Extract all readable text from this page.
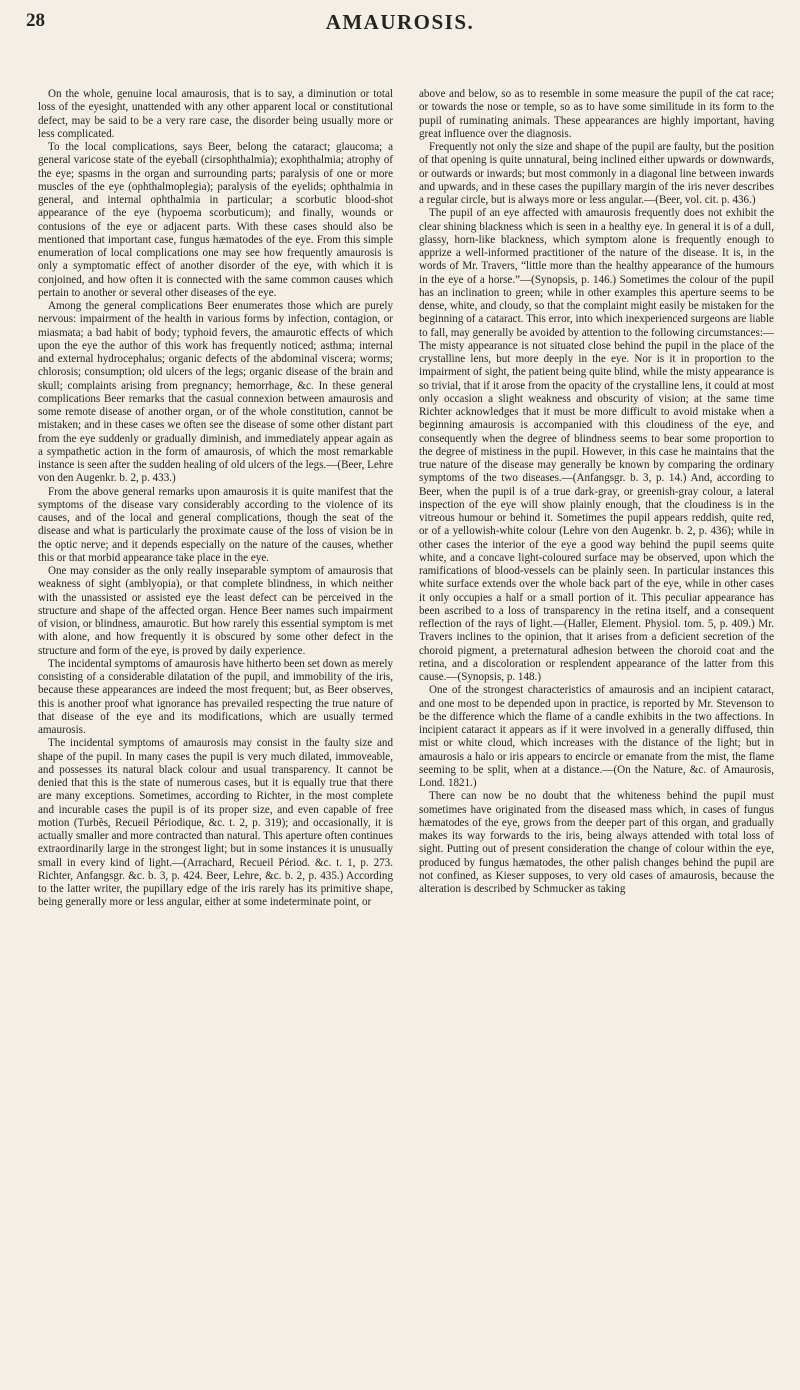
28	AMAUROSIS.

On the whole, genuine local amaurosis, that is to say, a diminution or total loss of the eyesight, unattended with any other apparent local or constitutional defect, may be said to be a very rare case, the disorder being usually more or less complicated.

To the local complications, says Beer, belong the cataract; glaucoma; a general varicose state of the eyeball (cirsophthalmia); exophthalmia; atrophy of the eye; spasms in the organ and surrounding parts; paralysis of one or more muscles of the eye (ophthalmoplegia); paralysis of the eyelids; ophthalmia in general, and internal ophthalmia in particular; a scorbutic blood-shot appearance of the eye (hypoema scorbuticum); and finally, wounds or contusions of the eye or adjacent parts. With these cases should also be mentioned that important case, fungus hæmatodes of the eye. From this simple enumeration of local complications one may see how frequently amaurosis is only a symptomatic effect of another disorder of the eye, with which it is conjoined, and how often it is connected with the same common causes which pertain to another or several other diseases of the eye.

Among the general complications Beer enumerates those which are purely nervous: impairment of the health in various forms by infection, contagion, or miasmata; a bad habit of body; typhoid fevers, the amaurotic effects of which upon the eye the author of this work has frequently noticed; asthma; internal and external hydrocephalus; organic defects of the abdominal viscera; worms; chlorosis; consumption; old ulcers of the legs; organic disease of the brain and skull; complaints arising from pregnancy; hemorrhage, &c. In these general complications Beer remarks that the casual connexion between amaurosis and some remote disease of another organ, or of the whole constitution, cannot be mistaken; and in these cases we often see the disease of some other distant part from the eye suddenly or gradually diminish, and immediately appear again as a sympathetic action in the form of amaurosis, of which the most remarkable instance is seen after the sudden healing of old ulcers of the legs.—(Beer, Lehre von den Augenkr. b. 2, p. 433.)

From the above general remarks upon amaurosis it is quite manifest that the symptoms of the disease vary considerably according to the violence of its causes, and of the local and general complications, though the seat of the disease and what is particularly the proximate cause of the loss of vision be in the optic nerve; and it depends especially on the nature of the causes, whether this or that morbid appearance take place in the eye.

One may consider as the only really inseparable symptom of amaurosis that weakness of sight (amblyopia), or that complete blindness, in which neither with the unassisted or assisted eye the least defect can be perceived in the structure and shape of the affected organ. Hence Beer names such impairment of vision, or blindness, amaurotic. But how rarely this essential symptom is met with alone, and how frequently it is obscured by some other defect in the structure and form of the eye, is proved by daily experience.

The incidental symptoms of amaurosis have hitherto been set down as merely consisting of a considerable dilatation of the pupil, and immobility of the iris, because these appearances are indeed the most frequent; but, as Beer observes, this is another proof what ignorance has prevailed respecting the true nature of that disease of the eye and its modifications, which are usually termed amaurosis.

The incidental symptoms of amaurosis may consist in the faulty size and shape of the pupil. In many cases the pupil is very much dilated, immoveable, and possesses its natural black colour and usual transparency. It cannot be denied that this is the state of numerous cases, but it is equally true that there are many exceptions. Sometimes, according to Richter, in the most complete and incurable cases the pupil is of its proper size, and even capable of free motion (Turbès, Recueil Périodique, &c. t. 2, p. 319); and occasionally, it is actually smaller and more contracted than natural. This aperture often continues extraordinarily large in the strongest light; but in some instances it is unusually small in every kind of light.—(Arrachard, Recueil Périod. &c. t. 1, p. 273. Richter, Anfangsgr. &c. b. 3, p. 424. Beer, Lehre, &c. b. 2, p. 435.) According to the latter writer, the pupillary edge of the iris rarely has its primitive shape, being generally more or less angular, either at some indeterminate point, or

above and below, so as to resemble in some measure the pupil of the cat race; or towards the nose or temple, so as to have some similitude in its form to the pupil of ruminating animals. These appearances are highly important, having great influence over the diagnosis.

Frequently not only the size and shape of the pupil are faulty, but the position of that opening is quite unnatural, being inclined either upwards or downwards, or outwards or inwards; but most commonly in a diagonal line between inwards and upwards, and in these cases the pupillary margin of the iris never describes a regular circle, but is always more or less angular.—(Beer, vol. cit. p. 436.)

The pupil of an eye affected with amaurosis frequently does not exhibit the clear shining blackness which is seen in a healthy eye. In general it is of a dull, glassy, horn-like blackness, which symptom alone is frequently enough to apprize a well-informed practitioner of the nature of the disease. It is, in the words of Mr. Travers, “little more than the healthy appearance of the humours in the eye of a horse.”—(Synopsis, p. 146.) Sometimes the colour of the pupil has an inclination to green; while in other examples this aperture seems to be dense, white, and cloudy, so that the complaint might easily be mistaken for the beginning of a cataract. This error, into which inexperienced surgeons are liable to fall, may generally be avoided by attention to the following circumstances:— The misty appearance is not situated close behind the pupil in the place of the crystalline lens, but more deeply in the eye. Nor is it in proportion to the impairment of sight, the patient being quite blind, while the misty appearance is so trivial, that if it arose from the opacity of the crystalline lens, it could at most only occasion a slight weakness and obscurity of vision; at the same time Richter acknowledges that it must be more difficult to avoid mistake when a beginning amaurosis is accompanied with this cloudiness of the eye, and consequently when the degree of blindness seems to bear some proportion to the degree of mistiness in the pupil. However, in this case he maintains that the true nature of the disease may generally be known by comparing the ordinary symptoms of the two diseases.—(Anfangsgr. b. 3, p. 14.) And, according to Beer, when the pupil is of a true dark-gray, or greenish-gray colour, a lateral inspection of the eye will show plainly enough, that the cloudiness is in the vitreous humour or behind it. Sometimes the pupil appears reddish, quite red, or of a yellowish-white colour (Lehre von den Augenkr. b. 2, p. 436); while in other cases the interior of the eye a good way behind the pupil seems quite white, and a concave light-coloured surface may be observed, upon which the ramifications of blood-vessels can be plainly seen. In particular instances this white surface extends over the whole back part of the eye, while in other cases it only occupies a half or a small portion of it. This peculiar appearance has been ascribed to a loss of transparency in the retina itself, and a consequent reflection of the rays of light.—(Haller, Element. Physiol. tom. 5, p. 409.) Mr. Travers inclines to the opinion, that it arises from a deficient secretion of the choroid pigment, a preternatural adhesion between the choroid coat and the retina, and a discoloration or resplendent appearance of the latter from this cause.—(Synopsis, p. 148.)

One of the strongest characteristics of amaurosis and an incipient cataract, and one most to be depended upon in practice, is reported by Mr. Stevenson to be the difference which the flame of a candle exhibits in the two affections. In incipient cataract it appears as if it were involved in a generally diffused, thin mist or white cloud, which increases with the distance of the light; but in amaurosis a halo or iris appears to encircle or emanate from the mist, the flame seeming to be split, when at a distance.—(On the Nature, &c. of Amaurosis, Lond. 1821.)

There can now be no doubt that the whiteness behind the pupil must sometimes have originated from the diseased mass which, in cases of fungus hæmatodes of the eye, grows from the deeper part of this organ, and gradually makes its way forwards to the iris, being always attended with total loss of sight. Putting out of present consideration the change of colour within the eye, produced by fungus hæmatodes, the other palish changes behind the pupil are not confined, as Kieser supposes, to very old cases of amaurosis, because the alteration is described by Schmucker as taking
